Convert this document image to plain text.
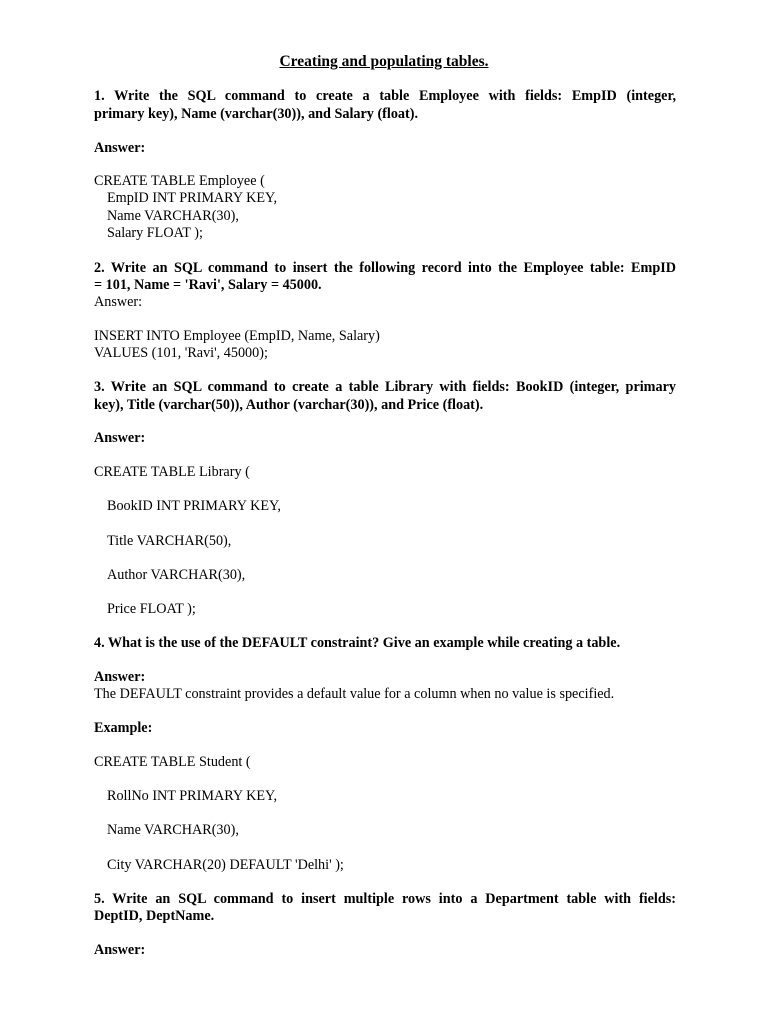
Creating and populating tables.
1. Write the SQL command to create a table Employee with fields: EmpID (integer,
primary key), Name (varchar(30)), and Salary (float).
Answer:
CREATE TABLE Employee (
EmpID INT PRIMARY KEY,
Name VARCHAR(30),
Salary FLOAT );
2. Write an SQL command to insert the following record into the Employee table: EmpID
= 101, Name = 'Ravi', Salary = 45000.
Answer:
INSERT INTO Employee (EmpID, Name, Salary)
VALUES (101, 'Ravi', 45000);
3. Write an SQL command to create a table Library with fields: BookID (integer, primary
key), Title (varchar(50)), Author (varchar(30)), and Price (float).
Answer:
CREATE TABLE Library (
BookID INT PRIMARY KEY,
Title VARCHAR(50),
Author VARCHAR(30),
Price FLOAT );
4. What is the use of the DEFAULT constraint? Give an example while creating a table.
Answer:
The DEFAULT constraint provides a default value for a column when no value is specified.
Example:
CREATE TABLE Student (
RollNo INT PRIMARY KEY,
Name VARCHAR(30),
City VARCHAR(20) DEFAULT 'Delhi' );
5. Write an SQL command to insert multiple rows into a Department table with fields:
DeptID, DeptName.
Answer:
